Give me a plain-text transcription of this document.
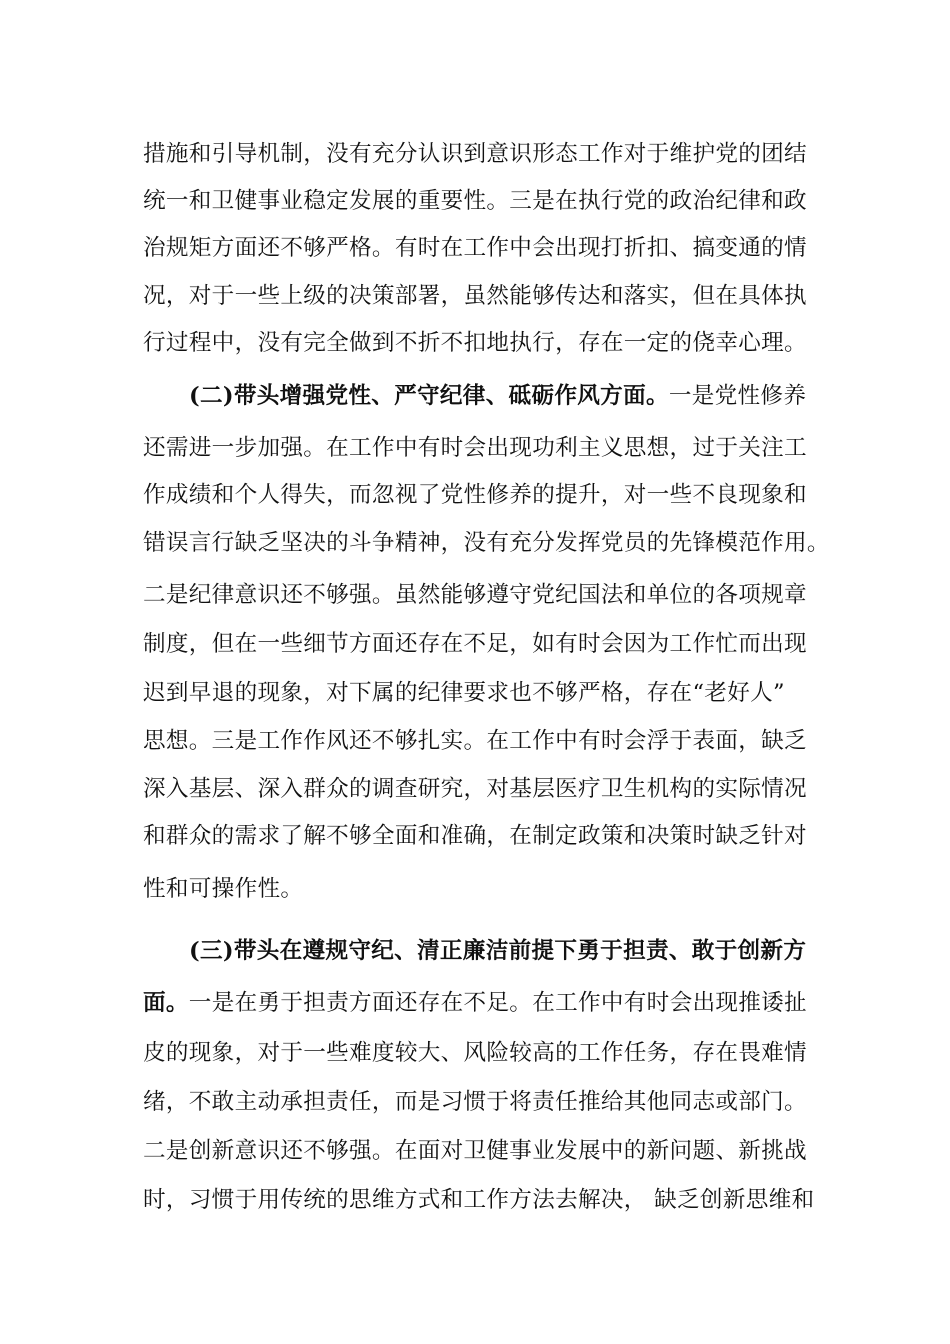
措施和引导机制，没有充分认识到意识形态工作对于维护党的团结
统一和卫健事业稳定发展的重要性。三是在执行党的政治纪律和政
治规矩方面还不够严格。有时在工作中会出现打折扣、搞变通的情
况，对于一些上级的决策部署，虽然能够传达和落实，但在具体执
行过程中，没有完全做到不折不扣地执行，存在一定的侥幸心理。
(二)带头增强党性、严守纪律、砥砺作风方面。一是党性修养
还需进一步加强。在工作中有时会出现功利主义思想，过于关注工
作成绩和个人得失，而忽视了党性修养的提升，对一些不良现象和
错误言行缺乏坚决的斗争精神，没有充分发挥党员的先锋模范作用。
二是纪律意识还不够强。虽然能够遵守党纪国法和单位的各项规章
制度，但在一些细节方面还存在不足，如有时会因为工作忙而出现
迟到早退的现象，对下属的纪律要求也不够严格，存在“老好人”
思想。三是工作作风还不够扎实。在工作中有时会浮于表面，缺乏
深入基层、深入群众的调查研究，对基层医疗卫生机构的实际情况
和群众的需求了解不够全面和准确，在制定政策和决策时缺乏针对
性和可操作性。
(三)带头在遵规守纪、清正廉洁前提下勇于担责、敢于创新方
面。一是在勇于担责方面还存在不足。在工作中有时会出现推诿扯
皮的现象，对于一些难度较大、风险较高的工作任务，存在畏难情
绪，不敢主动承担责任，而是习惯于将责任推给其他同志或部门。
二是创新意识还不够强。在面对卫健事业发展中的新问题、新挑战
时，习惯于用传统的思维方式和工作方法去解决， 缺乏创新思维和
